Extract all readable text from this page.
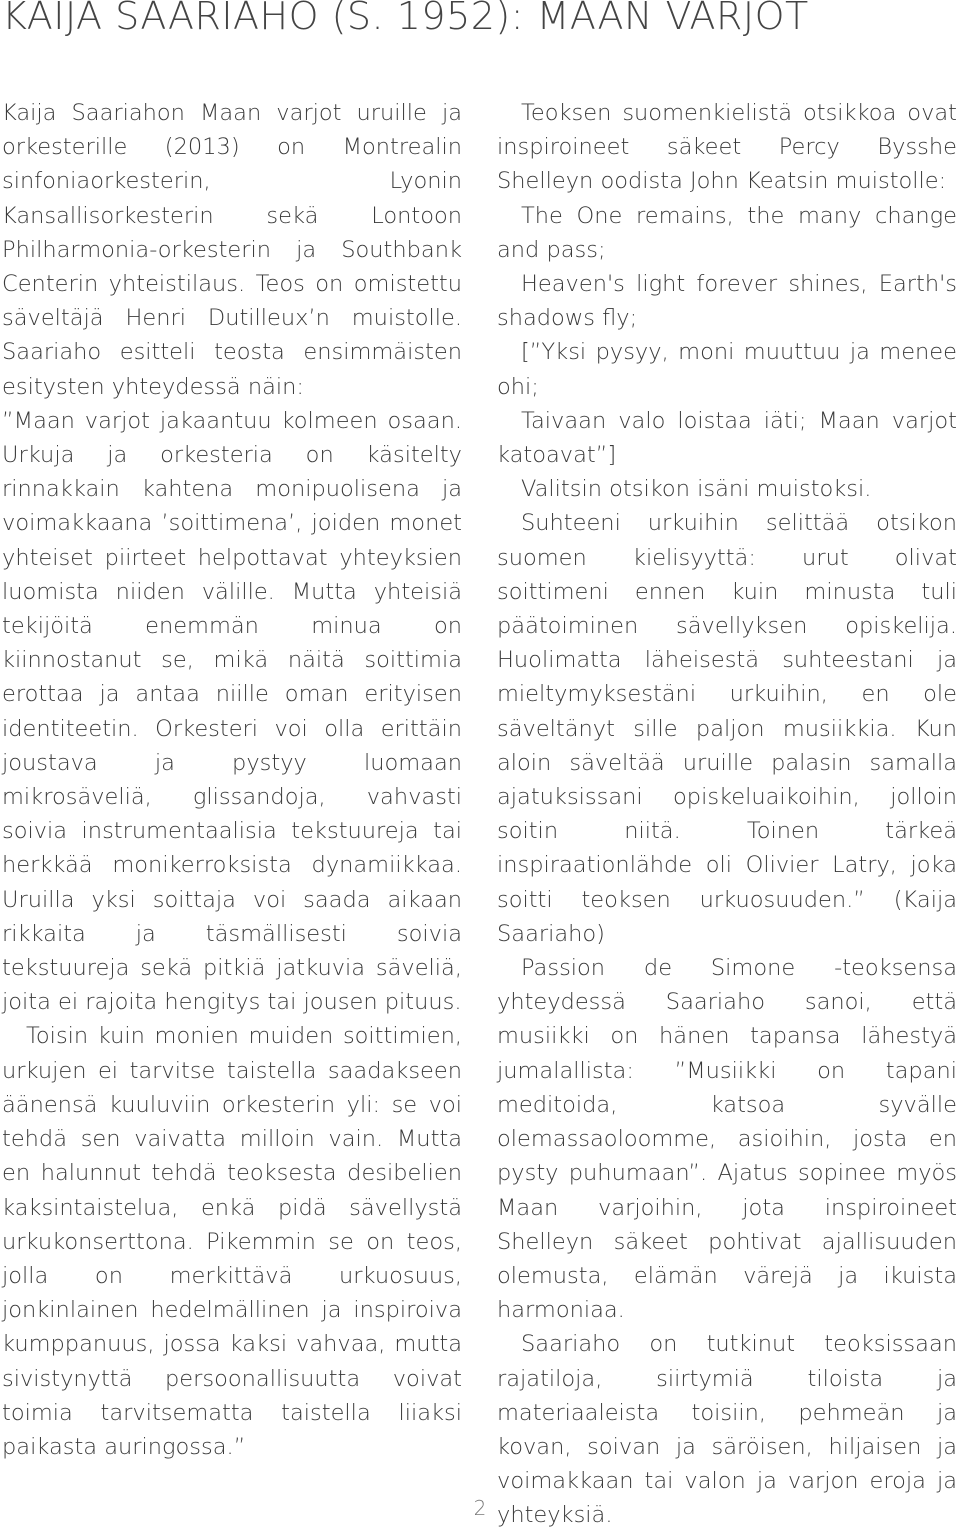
KAIJA SAARIAHO (S. 1952): MAAN VARJOT

Kaija Saariahon Maan varjot uruille ja orkesterille (2013) on Montrealin sinfoniaorkesterin, Lyonin Kansallisorkesterin sekä Lontoon Philharmonia-orkesterin ja Southbank Centerin yhteistilaus. Teos on omistettu säveltäjä Henri Dutilleux’n muistolle. Saariaho esitteli teosta ensimmäisten esitysten yhteydessä näin:

”Maan varjot jakaantuu kolmeen osaan. Urkuja ja orkesteria on käsitelty rinnakkain kahtena monipuolisena ja voimakkaana ’soittimena’, joiden monet yhteiset piirteet helpottavat yhteyksien luomista niiden välille. Mutta yhteisiä tekijöitä enemmän minua on kiinnostanut se, mikä näitä soittimia erottaa ja antaa niille oman erityisen identiteetin. Orkesteri voi olla erittäin joustava ja pystyy luomaan mikrosäveliä, glissandoja, vahvasti soivia instrumentaalisia tekstuureja tai herkkää monikerroksista dynamiikkaa. Uruilla yksi soittaja voi saada aikaan rikkaita ja täsmällisesti soivia tekstuureja sekä pitkiä jatkuvia säveliä, joita ei rajoita hengitys tai jousen pituus.

Toisin kuin monien muiden soittimien, urkujen ei tarvitse taistella saadakseen äänensä kuuluviin orkesterin yli: se voi tehdä sen vaivatta milloin vain. Mutta en halunnut tehdä teoksesta desibelien kaksintaistelua, enkä pidä sävellystä urkukonserttona. Pikemmin se on teos, jolla on merkittävä urkuosuus, jonkinlainen hedelmällinen ja inspiroiva kumppanuus, jossa kaksi vahvaa, mutta sivistynyttä persoonallisuutta voivat toimia tarvitsematta taistella liiaksi paikasta auringossa.”

Teoksen suomenkielistä otsikkoa ovat inspiroineet säkeet Percy Bysshe Shelleyn oodista John Keatsin muistolle:

The One remains, the many change and pass;

Heaven's light forever shines, Earth's shadows fly;

[”Yksi pysyy, moni muuttuu ja menee ohi;

Taivaan valo loistaa iäti; Maan varjot katoavat”]

Valitsin otsikon isäni muistoksi.

Suhteeni urkuihin selittää otsikon suomen kielisyyttä: urut olivat soittimeni ennen kuin minusta tuli päätoiminen sävellyksen opiskelija. Huolimatta läheisestä suhteestani ja mieltymyksestäni urkuihin, en ole säveltänyt sille paljon musiikkia. Kun aloin säveltää uruille palasin samalla ajatuksissani opiskeluaikoihin, jolloin soitin niitä. Toinen tärkeä inspiraationlähde oli Olivier Latry, joka soitti teoksen urkuosuuden.” (Kaija Saariaho)

Passion de Simone -teoksensa yhteydessä Saariaho sanoi, että musiikki on hänen tapansa lähestyä jumalallista: ”Musiikki on tapani meditoida, katsoa syvälle olemassaoloomme, asioihin, josta en pysty puhumaan”. Ajatus sopinee myös Maan varjoihin, jota inspiroineet Shelleyn säkeet pohtivat ajallisuuden olemusta, elämän värejä ja ikuista harmoniaa.

Saariaho on tutkinut teoksissaan rajatiloja, siirtymiä tiloista ja materiaaleista toisiin, pehmeän ja kovan, soivan ja säröisen, hiljaisen ja voimakkaan tai valon ja varjon eroja ja yhteyksiä.

2
